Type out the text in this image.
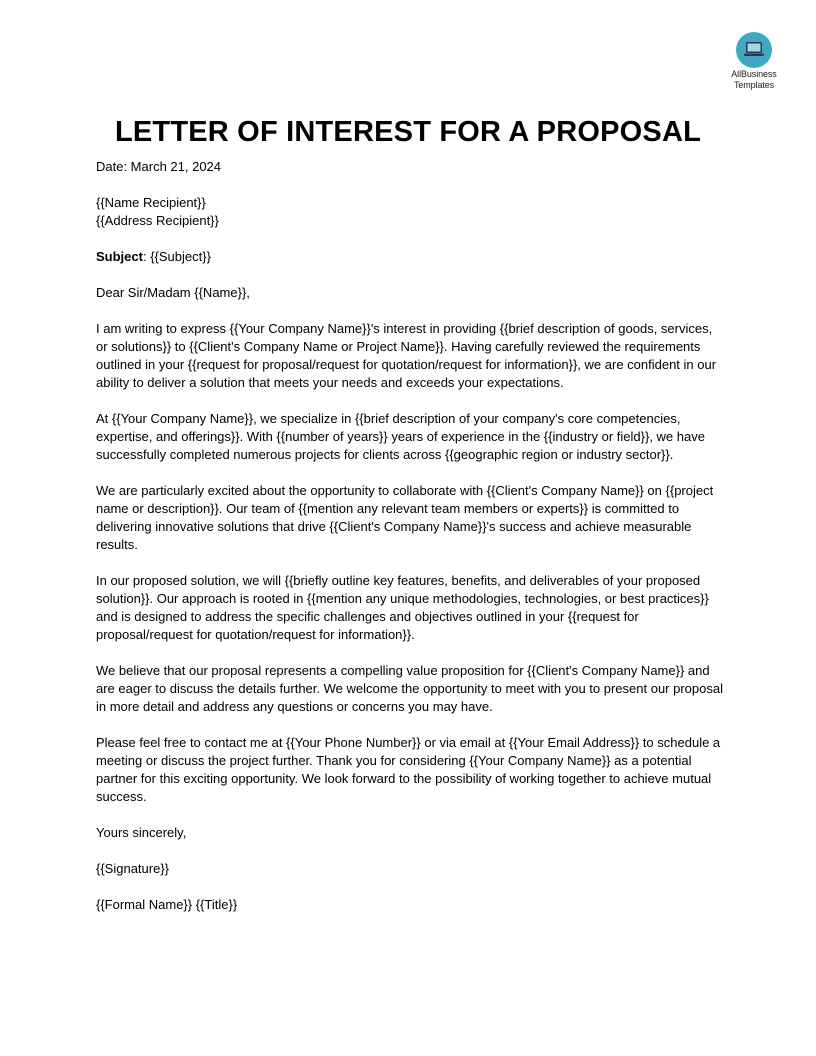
AllBusiness
Templates
LETTER OF INTEREST FOR A PROPOSAL

Date: March 21, 2024

{{Name Recipient}}

{{Address Recipient}}

Subject: {{Subject}}

Dear Sir/Madam {{Name}},

I am writing to express {{Your Company Name}}'s interest in providing {{brief description of goods, services, or solutions}} to {{Client's Company Name or Project Name}}. Having carefully reviewed the requirements outlined in your {{request for proposal/request for quotation/request for information}}, we are confident in our ability to deliver a solution that meets your needs and exceeds your expectations.

At {{Your Company Name}}, we specialize in {{brief description of your company's core competencies, expertise, and offerings}}. With {{number of years}} years of experience in the {{industry or field}}, we have successfully completed numerous projects for clients across {{geographic region or industry sector}}.

We are particularly excited about the opportunity to collaborate with {{Client's Company Name}} on {{project name or description}}. Our team of {{mention any relevant team members or experts}} is committed to delivering innovative solutions that drive {{Client's Company Name}}'s success and achieve measurable results.

In our proposed solution, we will {{briefly outline key features, benefits, and deliverables of your proposed solution}}. Our approach is rooted in {{mention any unique methodologies, technologies, or best practices}} and is designed to address the specific challenges and objectives outlined in your {{request for proposal/request for quotation/request for information}}.

We believe that our proposal represents a compelling value proposition for {{Client's Company Name}} and are eager to discuss the details further. We welcome the opportunity to meet with you to present our proposal in more detail and address any questions or concerns you may have.

Please feel free to contact me at {{Your Phone Number}} or via email at {{Your Email Address}} to schedule a meeting or discuss the project further. Thank you for considering {{Your Company Name}} as a potential partner for this exciting opportunity. We look forward to the possibility of working together to achieve mutual success.

Yours sincerely,

{{Signature}}

{{Formal Name}} {{Title}}
